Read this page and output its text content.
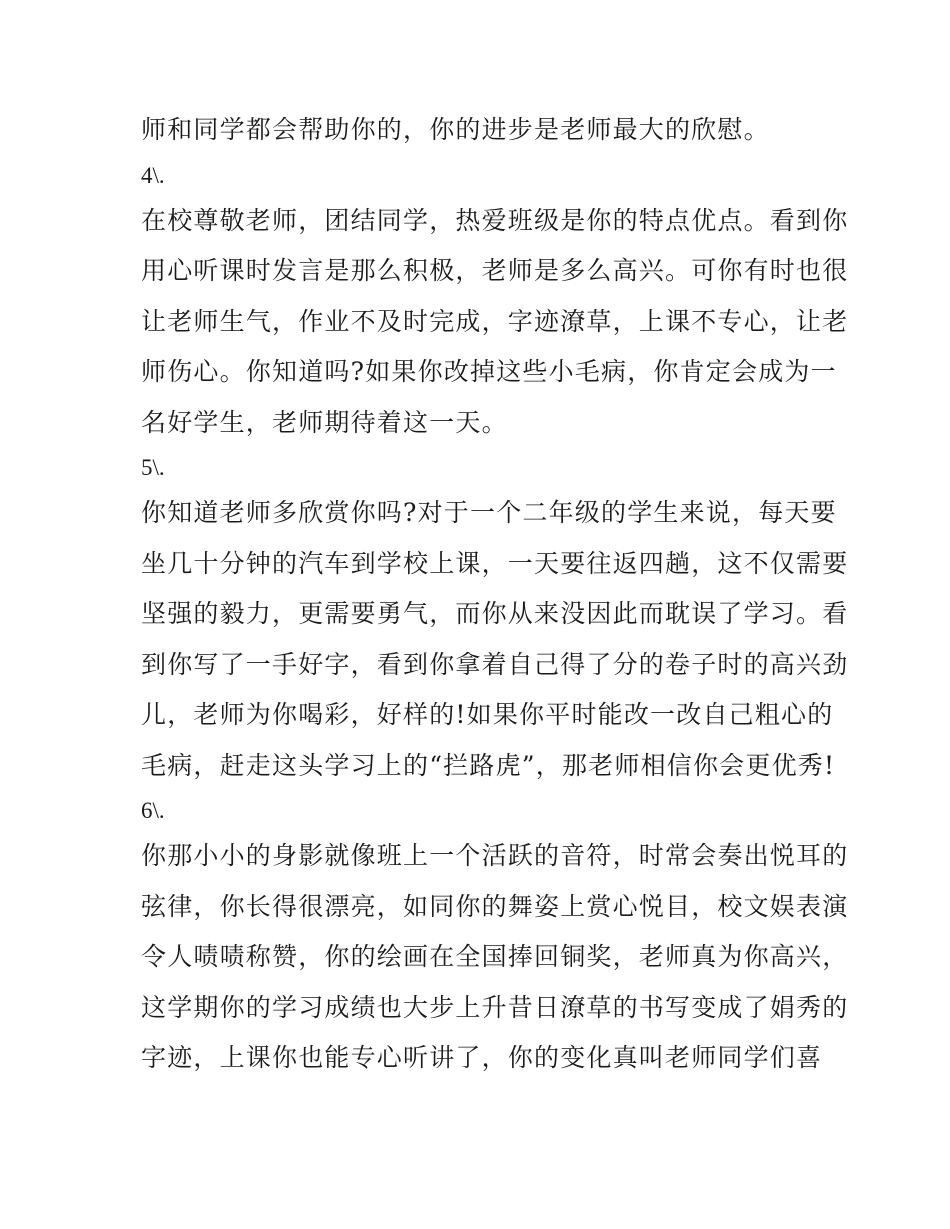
师和同学都会帮助你的，你的进步是老师最大的欣慰。
4\.
在校尊敬老师，团结同学，热爱班级是你的特点优点。看到你
用心听课时发言是那么积极，老师是多么高兴。可你有时也很
让老师生气，作业不及时完成，字迹潦草，上课不专心，让老
师伤心。你知道吗?如果你改掉这些小毛病，你肯定会成为一
名好学生，老师期待着这一天。
5\.
你知道老师多欣赏你吗?对于一个二年级的学生来说，每天要
坐几十分钟的汽车到学校上课，一天要往返四趟，这不仅需要
坚强的毅力，更需要勇气，而你从来没因此而耽误了学习。看
到你写了一手好字，看到你拿着自己得了分的卷子时的高兴劲
儿，老师为你喝彩，好样的!如果你平时能改一改自己粗心的
毛病，赶走这头学习上的“拦路虎”，那老师相信你会更优秀!
6\.
你那小小的身影就像班上一个活跃的音符，时常会奏出悦耳的
弦律，你长得很漂亮，如同你的舞姿上赏心悦目，校文娱表演
令人啧啧称赞，你的绘画在全国捧回铜奖，老师真为你高兴，
这学期你的学习成绩也大步上升昔日潦草的书写变成了娟秀的
字迹，上课你也能专心听讲了，你的变化真叫老师同学们喜
